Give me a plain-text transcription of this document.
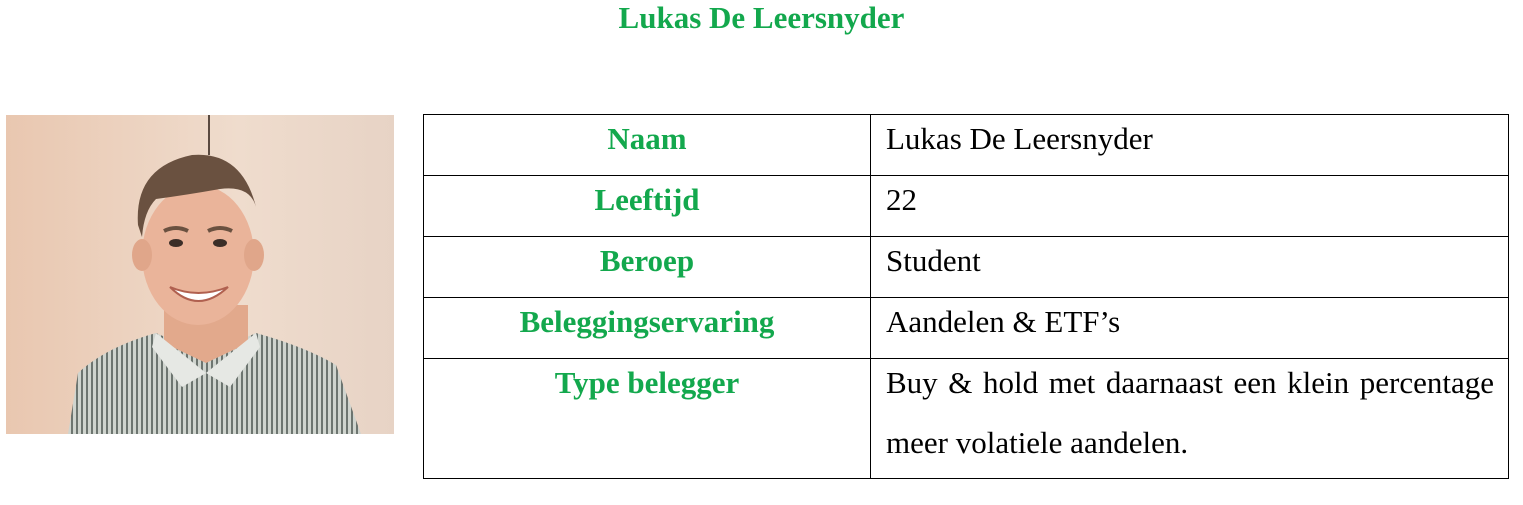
Lukas De Leersnyder
Naam	Lukas De Leersnyder
Leeftijd	22
Beroep	Student
Beleggingservaring	Aandelen & ETF’s
Type belegger	Buy & hold met daarnaast een klein percentage meer volatiele aandelen.
